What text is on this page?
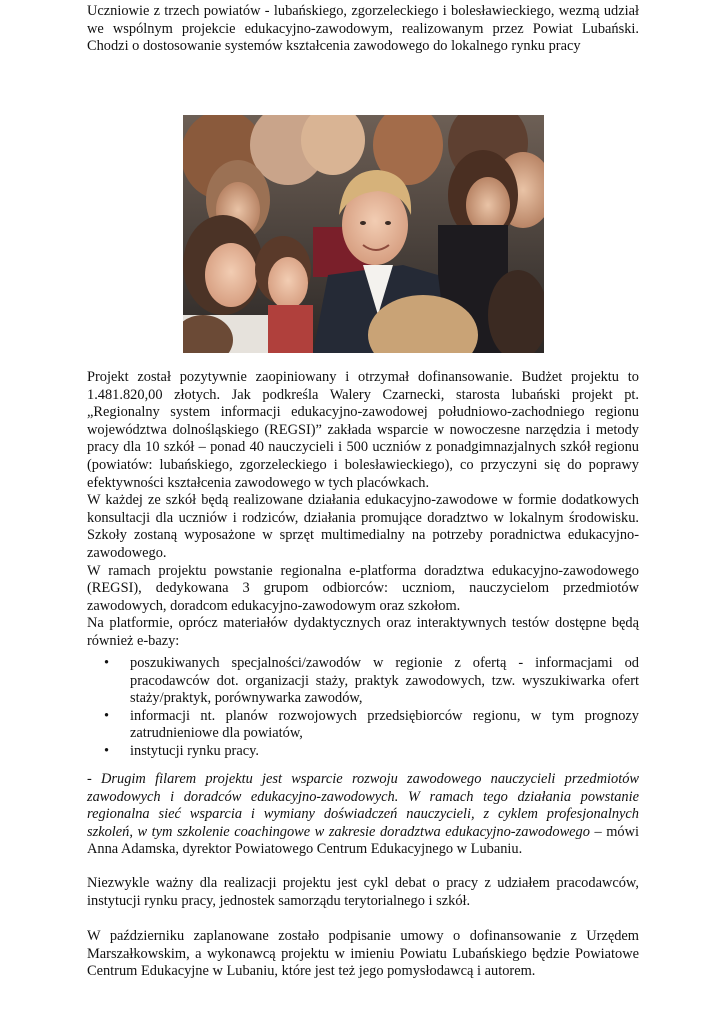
Uczniowie z trzech powiatów - lubańskiego, zgorzeleckiego i bolesławieckiego, wezmą udział we wspólnym projekcie edukacyjno-zawodowym, realizowanym przez Powiat Lubański. Chodzi o dostosowanie systemów kształcenia zawodowego do lokalnego rynku pracy

Projekt został pozytywnie zaopiniowany i otrzymał dofinansowanie. Budżet projektu to 1.481.820,00 złotych. Jak podkreśla Walery Czarnecki, starosta lubański projekt pt. „Regionalny system informacji edukacyjno-zawodowej południowo-zachodniego regionu województwa dolnośląskiego (REGSI)” zakłada wsparcie w nowoczesne narzędzia i metody pracy dla 10 szkół – ponad 40 nauczycieli i 500 uczniów z ponadgimnazjalnych szkół regionu (powiatów: lubańskiego, zgorzeleckiego i bolesławieckiego), co przyczyni się do poprawy efektywności kształcenia zawodowego w tych placówkach.

W każdej ze szkół będą realizowane działania edukacyjno-zawodowe w formie dodatkowych konsultacji dla uczniów i rodziców, działania promujące doradztwo w lokalnym środowisku. Szkoły zostaną wyposażone w sprzęt multimedialny na potrzeby poradnictwa edukacyjno-zawodowego.

W ramach projektu powstanie regionalna e-platforma doradztwa edukacyjno-zawodowego (REGSI), dedykowana 3 grupom odbiorców: uczniom, nauczycielom przedmiotów zawodowych, doradcom edukacyjno-zawodowym oraz szkołom.

Na platformie, oprócz materiałów dydaktycznych oraz interaktywnych testów dostępne będą również e-bazy:

• poszukiwanych specjalności/zawodów w regionie z ofertą - informacjami od pracodawców dot. organizacji staży, praktyk zawodowych, tzw. wyszukiwarka ofert staży/praktyk, porównywarka zawodów,
• informacji nt. planów rozwojowych przedsiębiorców regionu, w tym prognozy zatrudnieniowe dla powiatów,
• instytucji rynku pracy.

- Drugim filarem projektu jest wsparcie rozwoju zawodowego nauczycieli przedmiotów zawodowych i doradców edukacyjno-zawodowych. W ramach tego działania powstanie regionalna sieć wsparcia i wymiany doświadczeń nauczycieli, z cyklem profesjonalnych szkoleń, w tym szkolenie coachingowe w zakresie doradztwa edukacyjno-zawodowego – mówi Anna Adamska, dyrektor Powiatowego Centrum Edukacyjnego w Lubaniu.

Niezwykle ważny dla realizacji projektu jest cykl debat o pracy z udziałem pracodawców, instytucji rynku pracy, jednostek samorządu terytorialnego i szkół.

W październiku zaplanowane zostało podpisanie umowy o dofinansowanie z Urzędem Marszałkowskim, a wykonawcą projektu w imieniu Powiatu Lubańskiego będzie Powiatowe Centrum Edukacyjne w Lubaniu, które jest też jego pomysłodawcą i autorem.
